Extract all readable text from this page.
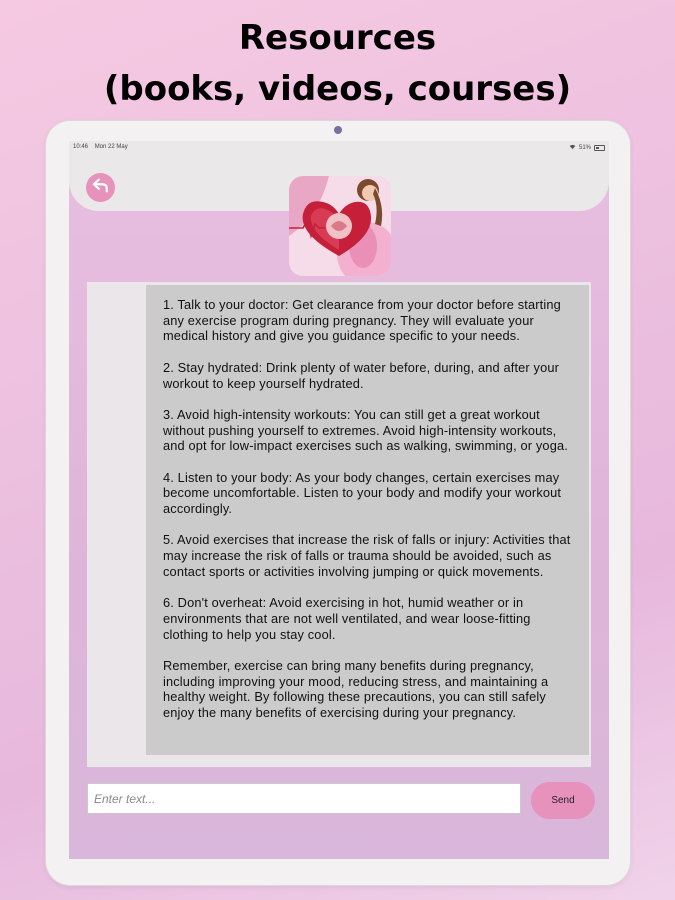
Resources
(books, videos, courses)
10:46 Mon 22 May	51%

1. Talk to your doctor: Get clearance from your doctor before starting any exercise program during pregnancy. They will evaluate your medical history and give you guidance specific to your needs.

2. Stay hydrated: Drink plenty of water before, during, and after your workout to keep yourself hydrated.

3. Avoid high-intensity workouts: You can still get a great workout without pushing yourself to extremes. Avoid high-intensity workouts, and opt for low-impact exercises such as walking, swimming, or yoga.

4. Listen to your body: As your body changes, certain exercises may become uncomfortable. Listen to your body and modify your workout accordingly.

5. Avoid exercises that increase the risk of falls or injury: Activities that may increase the risk of falls or trauma should be avoided, such as contact sports or activities involving jumping or quick movements.

6. Don't overheat: Avoid exercising in hot, humid weather or in environments that are not well ventilated, and wear loose-fitting clothing to help you stay cool.

Remember, exercise can bring many benefits during pregnancy, including improving your mood, reducing stress, and maintaining a healthy weight. By following these precautions, you can still safely enjoy the many benefits of exercising during your pregnancy.

Enter text...
Send
